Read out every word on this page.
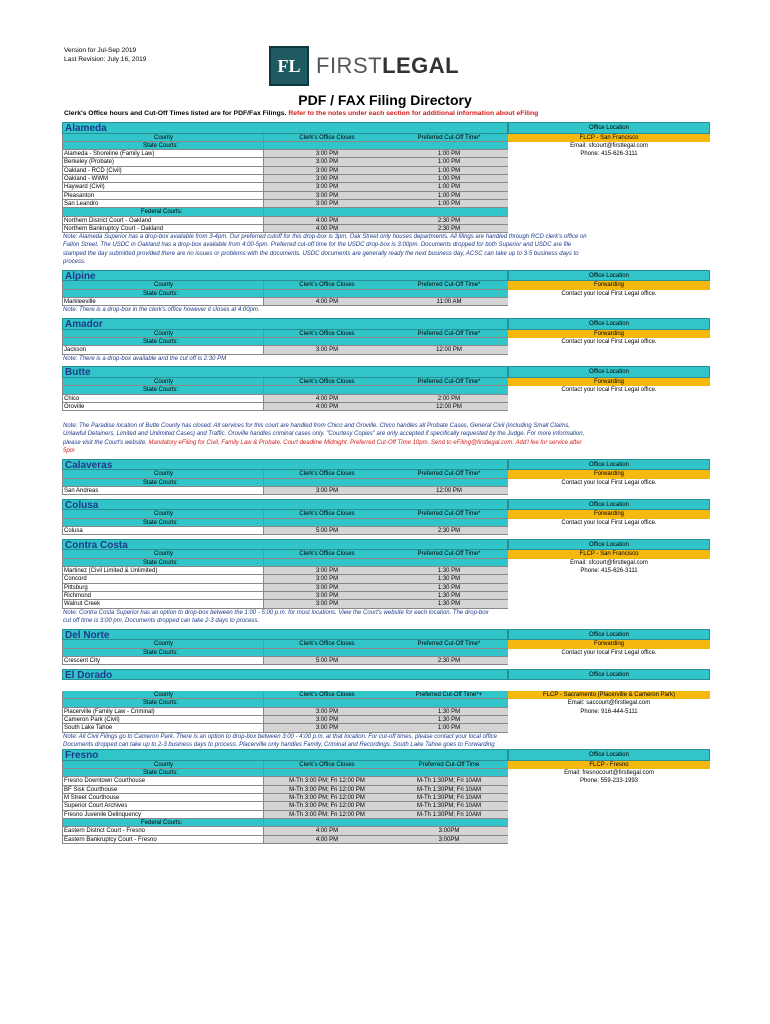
Version for Jul-Sep 2019
Last Revision: July 16, 2019	FL FIRSTLEGAL
PDF / FAX Filing Directory
Clerk's Office hours and Cut-Off Times listed are for PDF/Fax Filings. Refer to the notes under each section for additional information about eFiling
Alameda	Office Location
County	Clerk's Office Closes	Preferred Cut-Off Time*	FLCP - San Francisco
State Courts:	Email: sfcourt@firstlegal.com
Alameda - Shoreline (Family Law)	3:00 PM	1:00 PM	Phone: 415-626-3111
Berkeley (Probate)	3:00 PM	1:00 PM
Oakland - RCD (Civil)	3:00 PM	1:00 PM
Oakland - WWM	3:00 PM	1:00 PM
Hayward (Civil)	3:00 PM	1:00 PM
Pleasanton	3:00 PM	1:00 PM
San Leandro	3:00 PM	1:00 PM
Federal Courts:
Northern District Court - Oakland	4:00 PM	2:30 PM
Northern Bankruptcy Court - Oakland	4:00 PM	2:30 PM
Note: Alameda Superior has a drop-box available from 3-4pm. Our preferred cutoff for this drop-box is 3pm. Oak Street only houses departments. All filings are handled through RCD clerk's office on
Fallon Street. The USDC in Oakland has a drop-box available from 4:00-5pm. Preferred cut-off time for the USDC drop-box is 3:00pm. Documents dropped for both Superior and USDC are file
stamped the day submitted provided there are no issues or problems with the documents. USDC documents are generally ready the next business day, ACSC can take up to 3-5 business days to
process.
Alpine	Office Location
County	Clerk's Office Closes	Preferred Cut-Off Time*	Forwarding
State Courts:	Contact your local First Legal office.
Markleeville	4:00 PM	11:00 AM
Note: There is a drop-box in the clerk's office however it closes at 4:00pm.
Amador	Office Location
County	Clerk's Office Closes	Preferred Cut-Off Time*	Forwarding
State Courts:	Contact your local First Legal office.
Jackson	3:00 PM	12:00 PM
Note: There is a drop-box available and the cut off is 2:30 PM
Butte	Office Location
County	Clerk's Office Closes	Preferred Cut-Off Time*	Forwarding
State Courts:	Contact your local First Legal office.
Chico	4:00 PM	2:00 PM
Oroville	4:00 PM	12:00 PM
Note: The Paradise location of Butte County has closed. All services for this court are handled from Chico and Oroville. Chico handles all Probate Cases, General Civil (including Small Claims,
Unlawful Detainers, Limited and Unlimited Cases) and Traffic. Oroville handles criminal cases only. "Courtesy Copies" are only accepted if specifically requested by the Judge. For more information,
please visit the Court's website. Mandatory eFiling for Civil, Family Law & Probate. Court deadline Midnight. Preferred Cut-Off Time 10pm. Send to eFiling@firstlegal.com. Add'l fee for service after
5pm
Calaveras	Office Location
County	Clerk's Office Closes	Preferred Cut-Off Time*	Forwarding
State Courts:	Contact your local First Legal office.
San Andreas	3:00 PM	12:00 PM
Colusa	Office Location
County	Clerk's Office Closes	Preferred Cut-Off Time*	Forwarding
State Courts:	Contact your local First Legal office.
Colusa	5:00 PM	2:30 PM
Contra Costa	Office Location
County	Clerk's Office Closes	Preferred Cut-Off Time*	FLCP - San Francisco
State Courts:	Email: sfcourt@firstlegal.com
Martinez (Civil Limited & Unlimited)	3:00 PM	1:30 PM	Phone: 415-626-3111
Concord	3:00 PM	1:30 PM
Pittsburg	3:00 PM	1:30 PM
Richmond	3:00 PM	1:30 PM
Walnut Creek	3:00 PM	1:30 PM
Note: Contra Costa Superior has an option to drop-box between the 1:00 - 5:00 p.m. for most locations. View the Court's website for each location. The drop-box
cut off time is 3:00 pm. Documents dropped can take 2-3 days to process.
Del Norte	Office Location
County	Clerk's Office Closes	Preferred Cut-Off Time*	Forwarding
State Courts:	Contact your local First Legal office.
Crescent City	5:00 PM	2:30 PM
El Dorado	Office Location
County	Clerk's Office Closes	Preferred Cut-Off Time*+	FLCP - Sacramento (Placerville & Cameron Park)
State Courts:	Email: saccourt@firstlegal.com
Placerville (Family Law - Criminal)	3:00 PM	1:30 PM	Phone: 916-444-5111
Cameron Park (Civil)	3:00 PM	1:30 PM
South Lake Tahoe	3:00 PM	1:00 PM
Note: All Civil Filings go to Cameron Park. There is an option to drop-box between 3:00 - 4:00 p.m. at that location. For cut-off times, please contact your local office
Documents dropped can take up to 2-3 business days to process. Placerville only handles Family, Criminal and Recordings. South Lake Tahoe goes to Forwarding
Fresno	Office Location
County	Clerk's Office Closes	Preferred Cut-Off Time	FLCP - Fresno
State Courts:	Email: fresnocourt@firstlegal.com
Fresno Downtown Courthouse	M-Th 3:00 PM; Fri 12:00 PM	M-Th 1:30PM; Fri 10AM	Phone: 559-233-1993
BF Sisk Courthouse	M-Th 3:00 PM; Fri 12:00 PM	M-Th 1:30PM; Fri 10AM
M Street Courthouse	M-Th 3:00 PM; Fri 12:00 PM	M-Th 1:30PM; Fri 10AM
Superior Court Archives	M-Th 3:00 PM; Fri 12:00 PM	M-Th 1:30PM; Fri 10AM
Fresno Juvenile Delinquency	M-Th 3:00 PM; Fri 12:00 PM	M-Th 1:30PM; Fri 10AM
Federal Courts:
Eastern District Court - Fresno	4:00 PM	3:00PM
Eastern Bankruptcy Court - Fresno	4:00 PM	3:00PM
